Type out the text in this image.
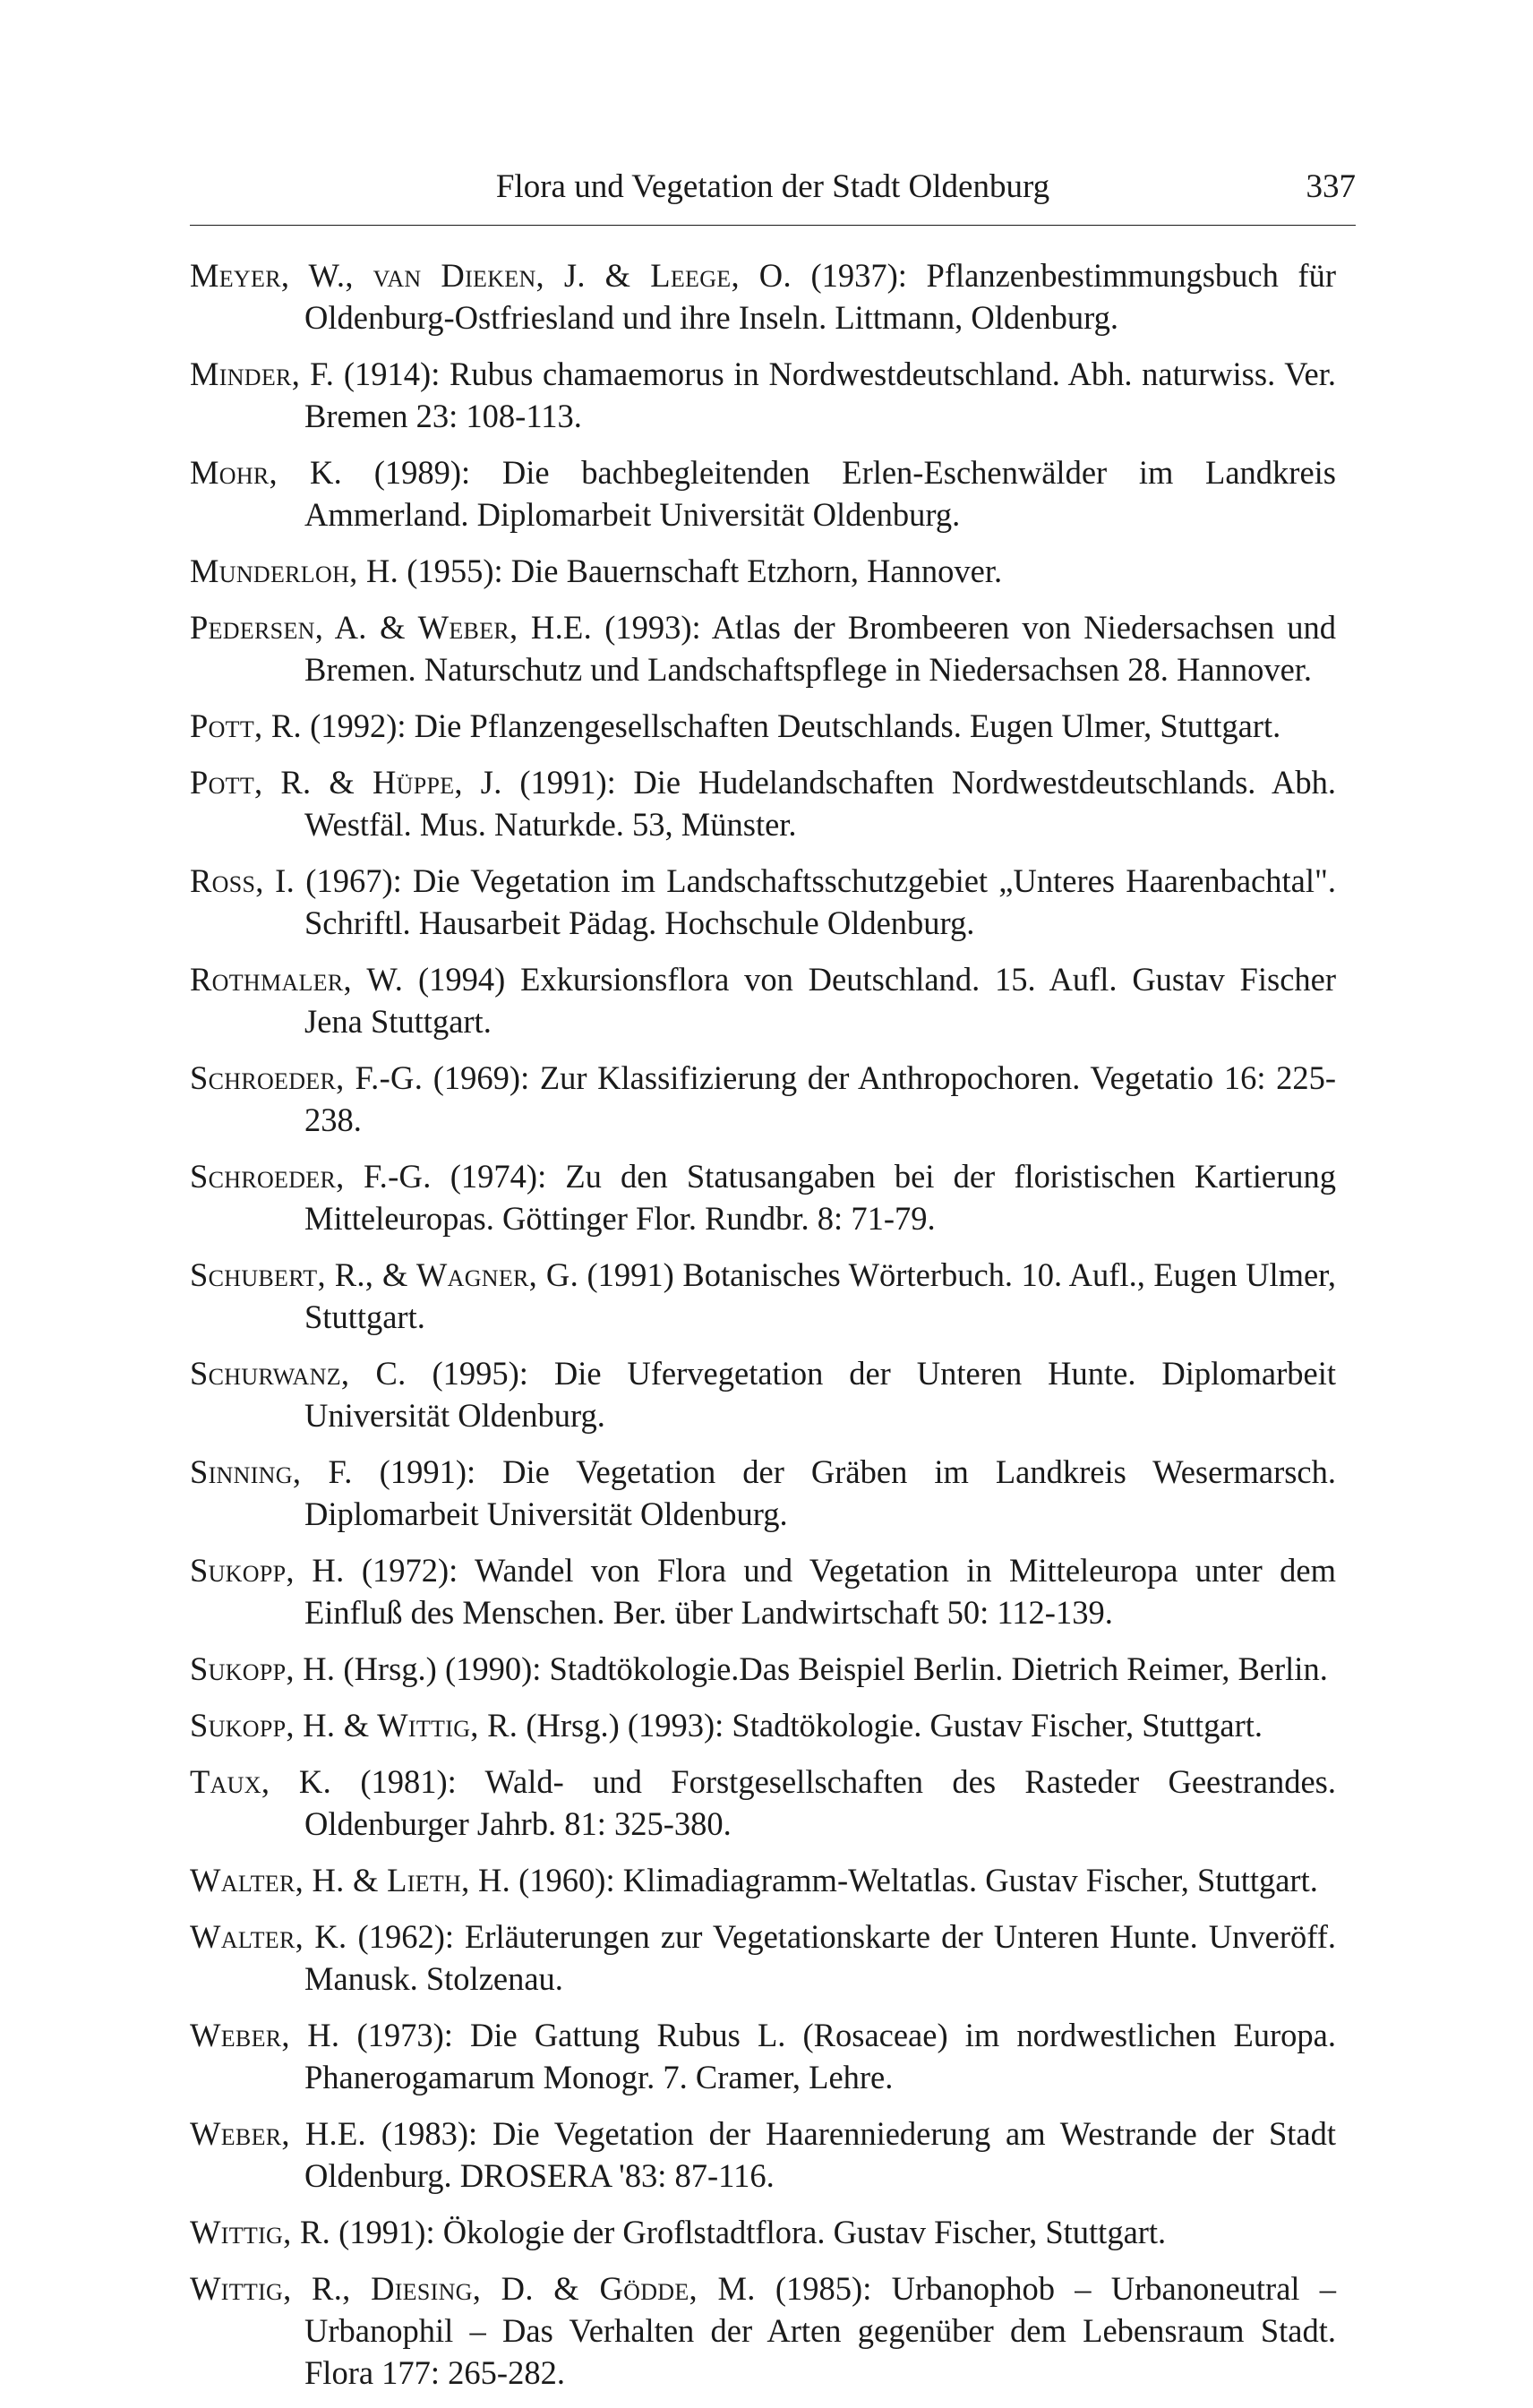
Flora und Vegetation der Stadt Oldenburg	337
Meyer, W., van Dieken, J. & Leege, O. (1937): Pflanzenbestimmungsbuch für Oldenburg-Ostfriesland und ihre Inseln. Littmann, Oldenburg.
Minder, F. (1914): Rubus chamaemorus in Nordwestdeutschland. Abh. naturwiss. Ver. Bremen 23: 108-113.
Mohr, K. (1989): Die bachbegleitenden Erlen-Eschenwälder im Landkreis Ammerland. Diplomarbeit Universität Oldenburg.
Munderloh, H. (1955): Die Bauernschaft Etzhorn, Hannover.
Pedersen, A. & Weber, H.E. (1993): Atlas der Brombeeren von Niedersachsen und Bremen. Naturschutz und Landschaftspflege in Niedersachsen 28. Hannover.
Pott, R. (1992): Die Pflanzengesellschaften Deutschlands. Eugen Ulmer, Stuttgart.
Pott, R. & Hüppe, J. (1991): Die Hudelandschaften Nordwestdeutschlands. Abh. Westfäl. Mus. Naturkde. 53, Münster.
Ross, I. (1967): Die Vegetation im Landschaftsschutzgebiet „Unteres Haarenbachtal". Schriftl. Hausarbeit Pädag. Hochschule Oldenburg.
Rothmaler, W. (1994) Exkursionsflora von Deutschland. 15. Aufl. Gustav Fischer Jena Stuttgart.
Schroeder, F.-G. (1969): Zur Klassifizierung der Anthropochoren. Vegetatio 16: 225-238.
Schroeder, F.-G. (1974): Zu den Statusangaben bei der floristischen Kartierung Mitteleuropas. Göttinger Flor. Rundbr. 8: 71-79.
Schubert, R., & Wagner, G. (1991) Botanisches Wörterbuch. 10. Aufl., Eugen Ulmer, Stuttgart.
Schurwanz, C. (1995): Die Ufervegetation der Unteren Hunte. Diplomarbeit Universität Oldenburg.
Sinning, F. (1991): Die Vegetation der Gräben im Landkreis Wesermarsch. Diplomarbeit Universität Oldenburg.
Sukopp, H. (1972): Wandel von Flora und Vegetation in Mitteleuropa unter dem Einfluß des Menschen. Ber. über Landwirtschaft 50: 112-139.
Sukopp, H. (Hrsg.) (1990): Stadtökologie.Das Beispiel Berlin. Dietrich Reimer, Berlin.
Sukopp, H. & Wittig, R. (Hrsg.) (1993): Stadtökologie. Gustav Fischer, Stuttgart.
Taux, K. (1981): Wald- und Forstgesellschaften des Rasteder Geestrandes. Oldenburger Jahrb. 81: 325-380.
Walter, H. & Lieth, H. (1960): Klimadiagramm-Weltatlas. Gustav Fischer, Stuttgart.
Walter, K. (1962): Erläuterungen zur Vegetationskarte der Unteren Hunte. Unveröff. Manusk. Stolzenau.
Weber, H. (1973): Die Gattung Rubus L. (Rosaceae) im nordwestlichen Europa. Phanerogamarum Monogr. 7. Cramer, Lehre.
Weber, H.E. (1983): Die Vegetation der Haarenniederung am Westrande der Stadt Oldenburg. DROSERA '83: 87-116.
Wittig, R. (1991): Ökologie der Groflstadtflora. Gustav Fischer, Stuttgart.
Wittig, R., Diesing, D. & Gödde, M. (1985): Urbanophob – Urbanoneutral – Urbanophil – Das Verhalten der Arten gegenüber dem Lebensraum Stadt. Flora 177: 265-282.
